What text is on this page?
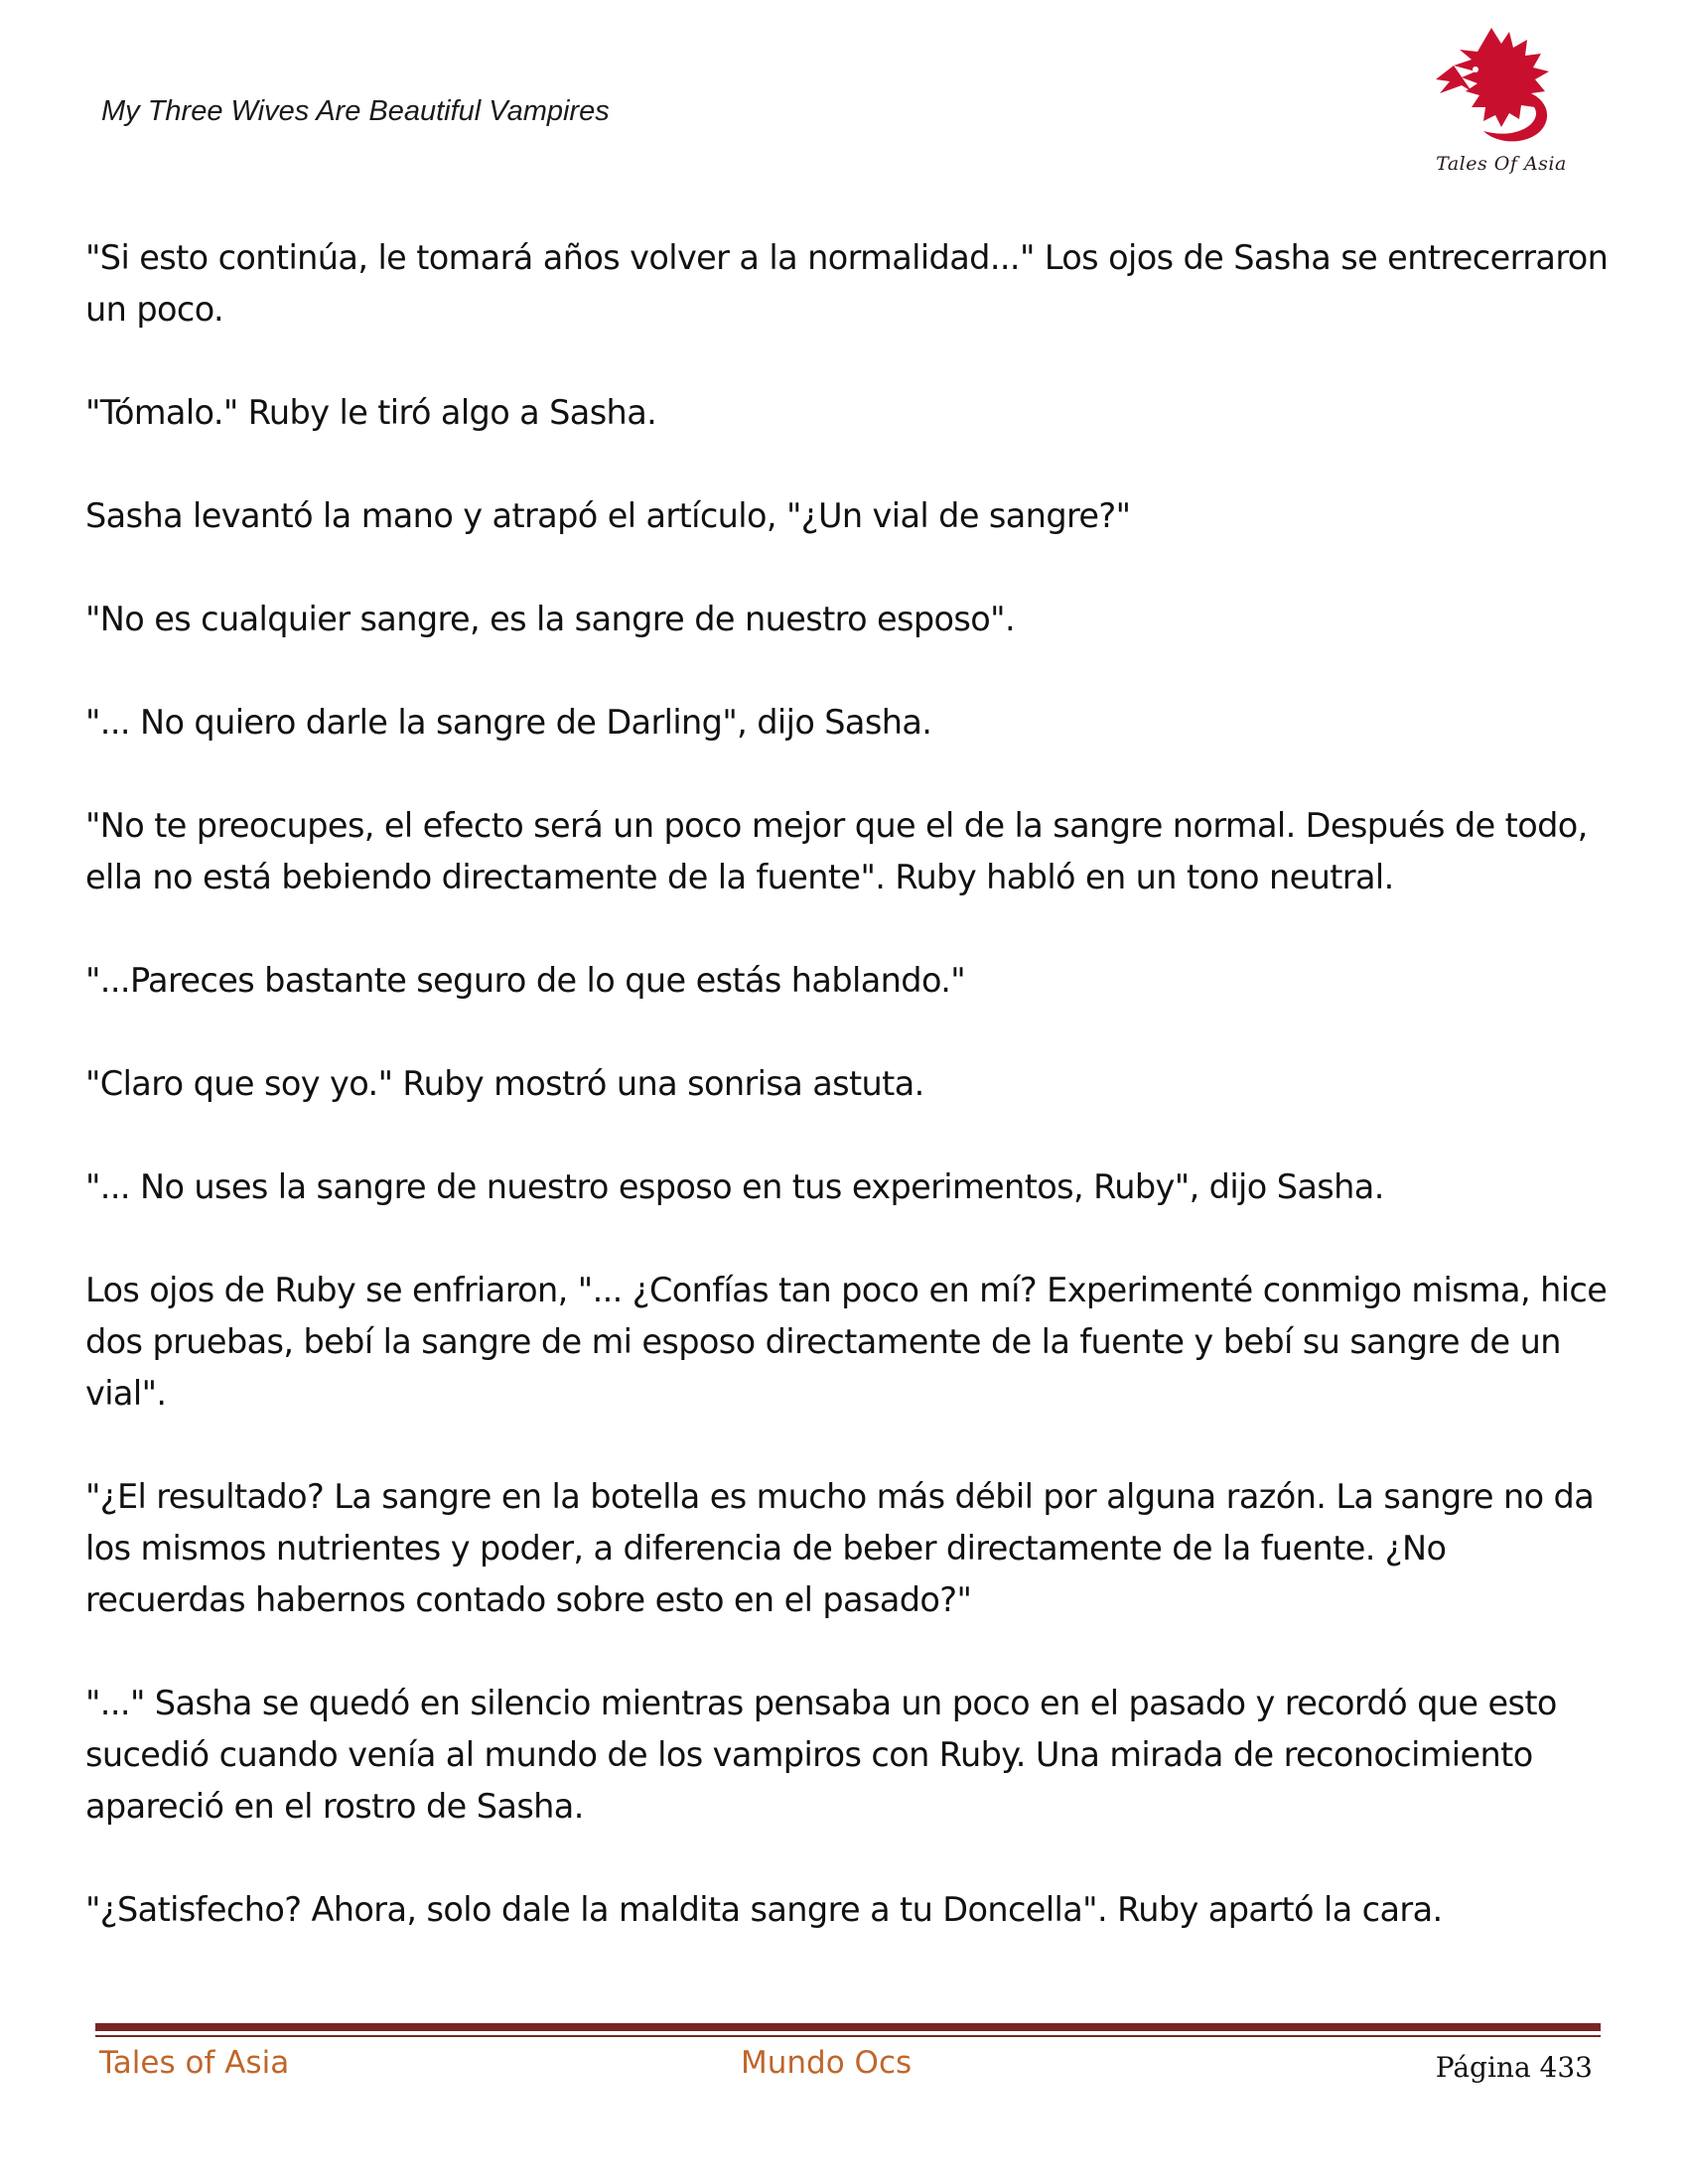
My Three Wives Are Beautiful Vampires
Tales Of Asia

"Si esto continúa, le tomará años volver a la normalidad..." Los ojos de Sasha se entrecerraron un poco.

"Tómalo." Ruby le tiró algo a Sasha.

Sasha levantó la mano y atrapó el artículo, "¿Un vial de sangre?"

"No es cualquier sangre, es la sangre de nuestro esposo".

"... No quiero darle la sangre de Darling", dijo Sasha.

"No te preocupes, el efecto será un poco mejor que el de la sangre normal. Después de todo, ella no está bebiendo directamente de la fuente". Ruby habló en un tono neutral.

"...Pareces bastante seguro de lo que estás hablando."

"Claro que soy yo." Ruby mostró una sonrisa astuta.

"... No uses la sangre de nuestro esposo en tus experimentos, Ruby", dijo Sasha.

Los ojos de Ruby se enfriaron, "... ¿Confías tan poco en mí? Experimenté conmigo misma, hice dos pruebas, bebí la sangre de mi esposo directamente de la fuente y bebí su sangre de un vial".

"¿El resultado? La sangre en la botella es mucho más débil por alguna razón. La sangre no da los mismos nutrientes y poder, a diferencia de beber directamente de la fuente. ¿No recuerdas habernos contado sobre esto en el pasado?"

"..." Sasha se quedó en silencio mientras pensaba un poco en el pasado y recordó que esto sucedió cuando venía al mundo de los vampiros con Ruby. Una mirada de reconocimiento apareció en el rostro de Sasha.

"¿Satisfecho? Ahora, solo dale la maldita sangre a tu Doncella". Ruby apartó la cara.

Tales of Asia	Mundo Ocs	Página 433
